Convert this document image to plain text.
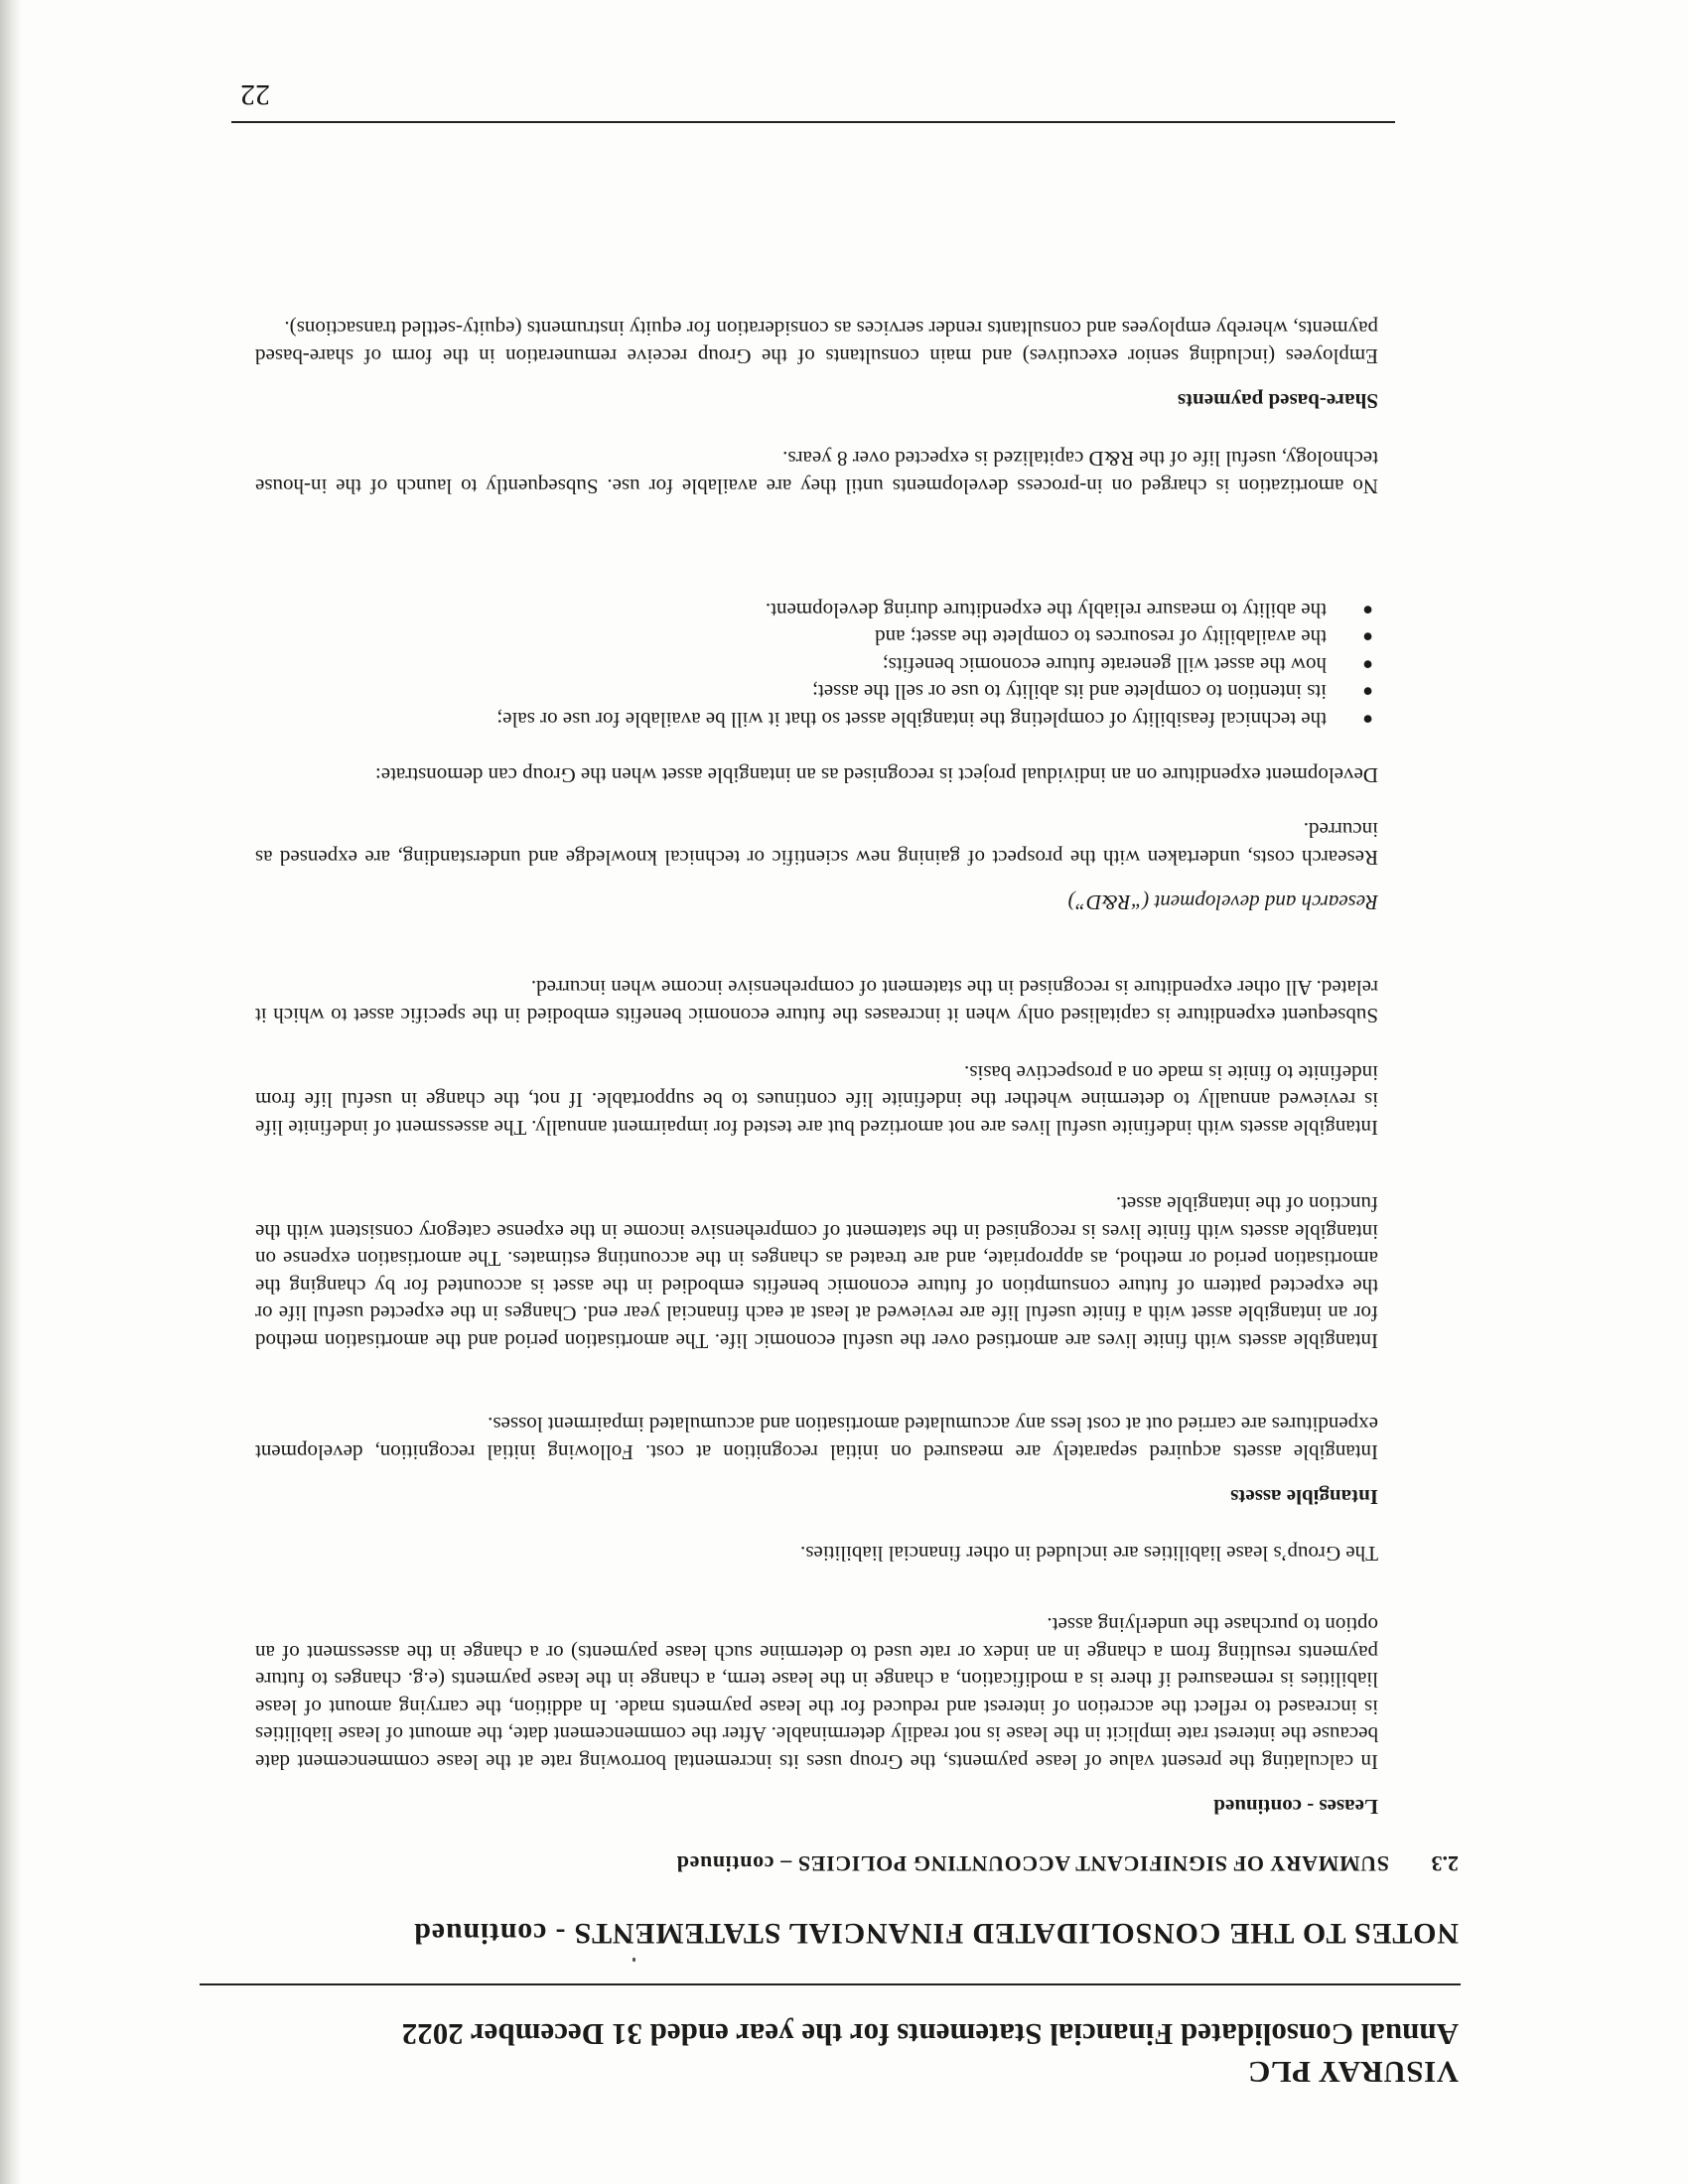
VISURAY PLC
Annual Consolidated Financial Statements for the year ended 31 December 2022
NOTES TO THE CONSOLIDATED FINANCIAL STATEMENTS - continued
2.3SUMMARY OF SIGNIFICANT ACCOUNTING POLICIES – continued
Leases - continued

In calculating the present value of lease payments, the Group uses its incremental borrowing rate at the lease commencement date because the interest rate implicit in the lease is not readily determinable. After the commencement date, the amount of lease liabilities is increased to reflect the accretion of interest and reduced for the lease payments made. In addition, the carrying amount of lease liabilities is remeasured if there is a modification, a change in the lease term, a change in the lease payments (e.g. changes to future payments resulting from a change in an index or rate used to determine such lease payments) or a change in the assessment of an option to purchase the underlying asset.

The Group’s lease liabilities are included in other financial liabilities.

Intangible assets

Intangible assets acquired separately are measured on initial recognition at cost. Following initial recognition, development expenditures are carried out at cost less any accumulated amortisation and accumulated impairment losses.

Intangible assets with finite lives are amortised over the useful economic life. The amortisation period and the amortisation method for an intangible asset with a finite useful life are reviewed at least at each financial year end. Changes in the expected useful life or the expected pattern of future consumption of future economic benefits embodied in the asset is accounted for by changing the amortisation period or method, as appropriate, and are treated as changes in the accounting estimates. The amortisation expense on intangible assets with finite lives is recognised in the statement of comprehensive income in the expense category consistent with the function of the intangible asset.

Intangible assets with indefinite useful lives are not amortized but are tested for impairment annually. The assessment of indefinite life is reviewed annually to determine whether the indefinite life continues to be supportable. If not, the change in useful life from indefinite to finite is made on a prospective basis.

Subsequent expenditure is capitalised only when it increases the future economic benefits embodied in the specific asset to which it related. All other expenditure is recognised in the statement of comprehensive income when incurred.

Research and development (“R&D”)

Research costs, undertaken with the prospect of gaining new scientific or technical knowledge and understanding, are expensed as incurred.

Development expenditure on an individual project is recognised as an intangible asset when the Group can demonstrate:

●
the technical feasibility of completing the intangible asset so that it will be available for use or sale;
●
its intention to complete and its ability to use or sell the asset;
●
how the asset will generate future economic benefits;
●
the availability of resources to complete the asset; and
●
the ability to measure reliably the expenditure during development.

No amortization is charged on in-process developments until they are available for use. Subsequently to launch of the in-house technology, useful life of the R&D capitalized is expected over 8 years.

Share-based payments

Employees (including senior executives) and main consultants of the Group receive remuneration in the form of share-based payments, whereby employees and consultants render services as consideration for equity instruments (equity-settled transactions).

22
